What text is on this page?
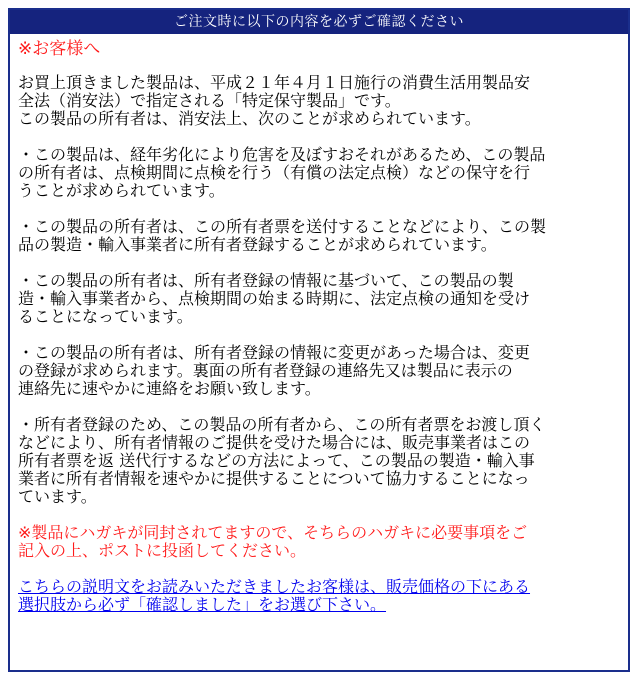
ご注文時に以下の内容を必ずご確認ください
※お客様へ
お買上頂きました製品は、平成２１年４月１日施行の消費生活用製品安
全法（消安法）で指定される「特定保守製品」です。
この製品の所有者は、消安法上、次のことが求められています。
・この製品は、経年劣化により危害を及ぼすおそれがあるため、この製品
の所有者は、点検期間に点検を行う（有償の法定点検）などの保守を行
うことが求められています。
・この製品の所有者は、この所有者票を送付することなどにより、この製
品の製造・輸入事業者に所有者登録することが求められています。
・この製品の所有者は、所有者登録の情報に基づいて、この製品の製
造・輸入事業者から、点検期間の始まる時期に、法定点検の通知を受け
ることになっています。
・この製品の所有者は、所有者登録の情報に変更があった場合は、変更
の登録が求められます。裏面の所有者登録の連絡先又は製品に表示の
連絡先に速やかに連絡をお願い致します。
・所有者登録のため、この製品の所有者から、この所有者票をお渡し頂く
などにより、所有者情報のご提供を受けた場合には、販売事業者はこの
所有者票を返 送代行するなどの方法によって、この製品の製造・輸入事
業者に所有者情報を速やかに提供することについて協力することになっ
ています。
※製品にハガキが同封されてますので、そちらのハガキに必要事項をご
記入の上、ポストに投函してください。
こちらの説明文をお読みいただきましたお客様は、販売価格の下にある
選択肢から必ず「確認しました」をお選び下さい。
